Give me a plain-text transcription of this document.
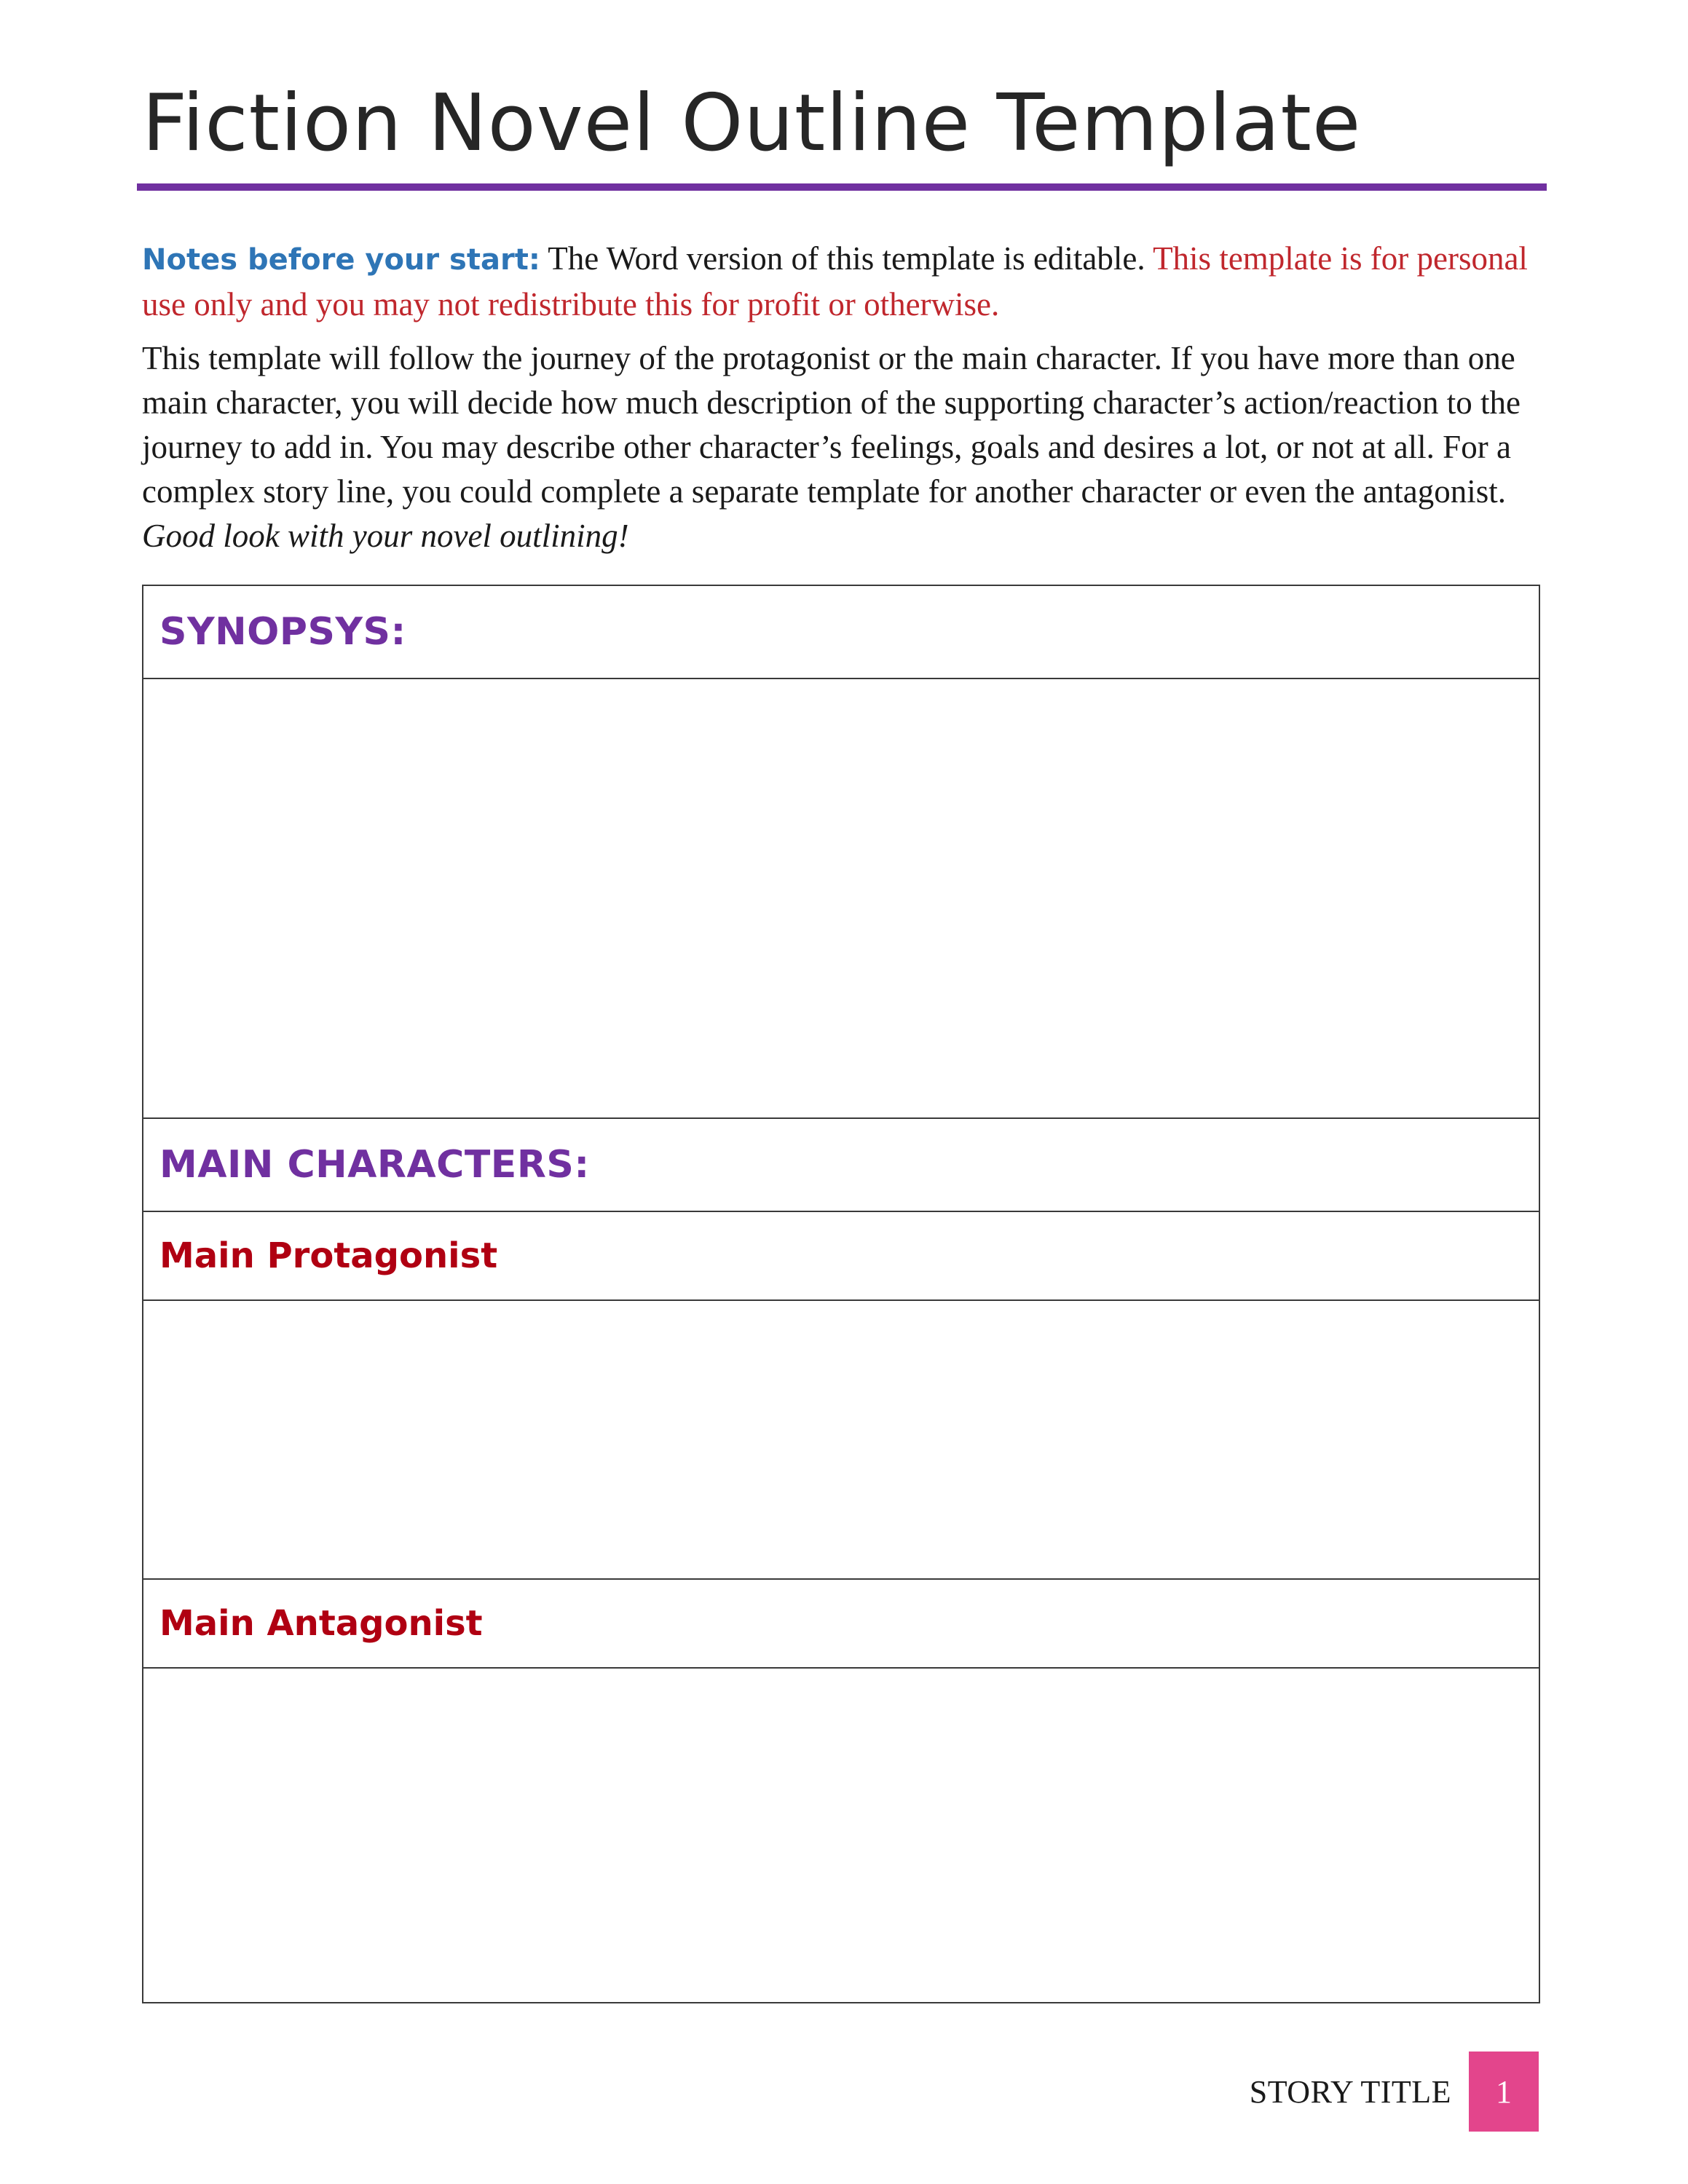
Fiction Novel Outline Template

Notes before your start: The Word version of this template is editable. This template is for personal use only and you may not redistribute this for profit or otherwise.

This template will follow the journey of the protagonist or the main character. If you have more than one main character, you will decide how much description of the supporting character’s action/reaction to the journey to add in. You may describe other character’s feelings, goals and desires a lot, or not at all. For a complex story line, you could complete a separate template for another character or even the antagonist. Good look with your novel outlining!

SYNOPSYS:

MAIN CHARACTERS:
Main Protagonist

Main Antagonist

STORY TITLE	1
